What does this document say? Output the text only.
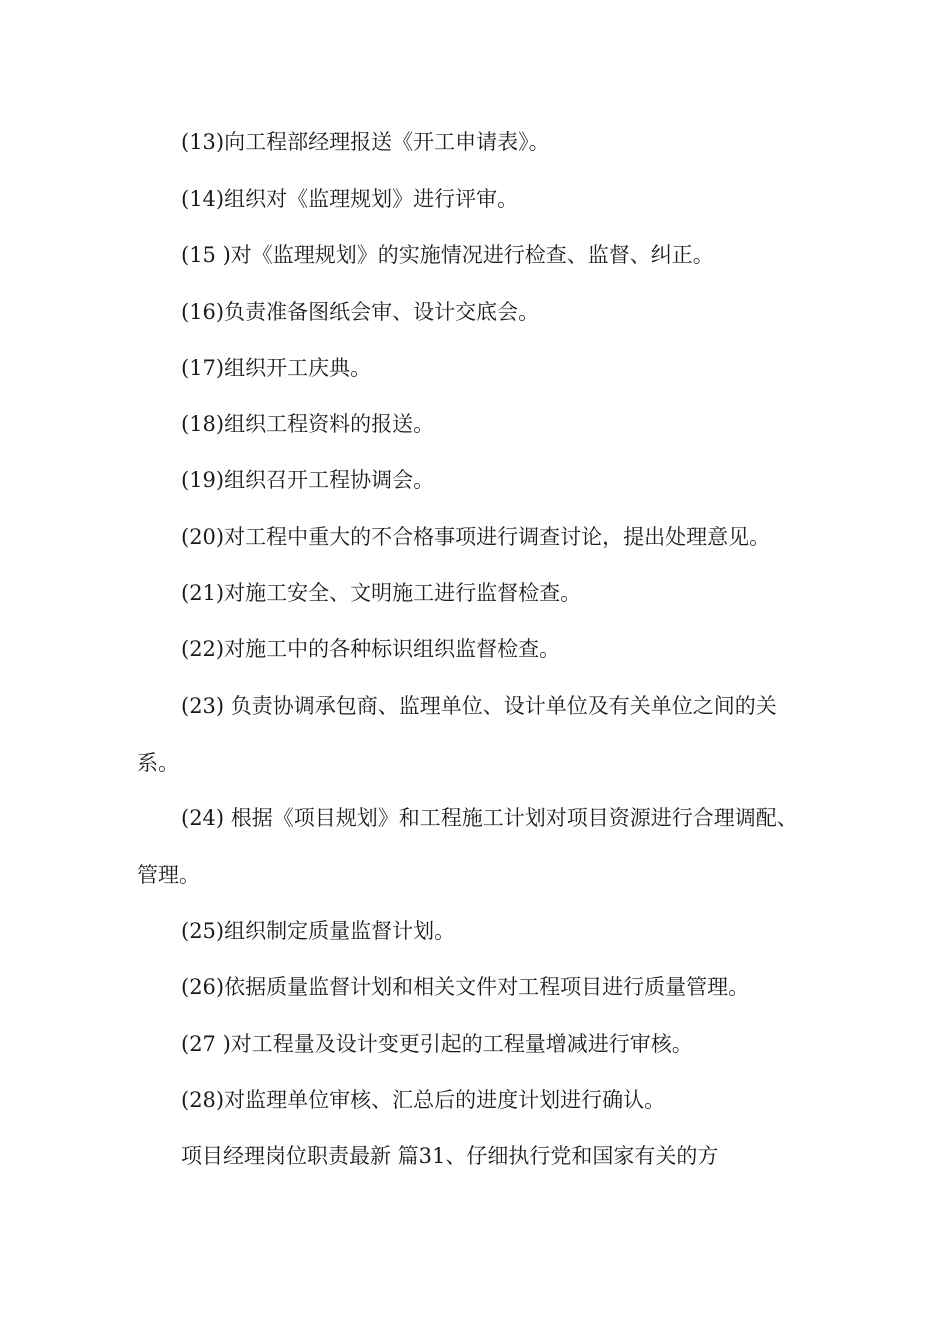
(13)向工程部经理报送《开工申请表》。

(14)组织对《监理规划》进行评审。

(15 )对《监理规划》的实施情况进行检查、监督、纠正。

(16)负责准备图纸会审、设计交底会。

(17)组织开工庆典。

(18)组织工程资料的报送。

(19)组织召开工程协调会。

(20)对工程中重大的不合格事项进行调查讨论，提出处理意见。

(21)对施工安全、文明施工进行监督检查。

(22)对施工中的各种标识组织监督检查。

(23) 负责协调承包商、监理单位、设计单位及有关单位之间的关系。

(24) 根据《项目规划》和工程施工计划对项目资源进行合理调配、管理。

(25)组织制定质量监督计划。

(26)依据质量监督计划和相关文件对工程项目进行质量管理。

(27 )对工程量及设计变更引起的工程量增减进行审核。

(28)对监理单位审核、汇总后的进度计划进行确认。

项目经理岗位职责最新 篇31、仔细执行党和国家有关的方
